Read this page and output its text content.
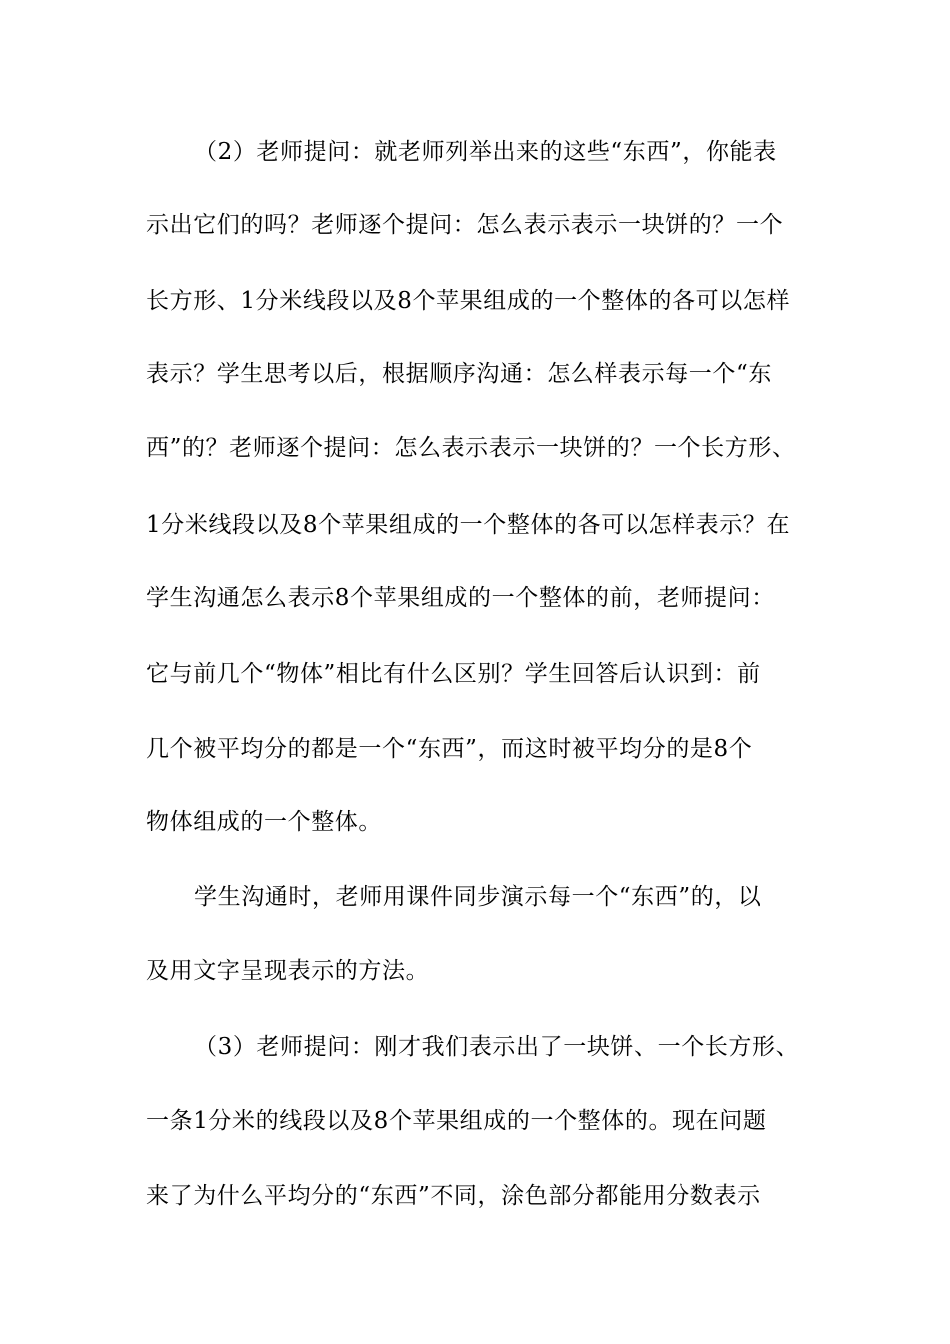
（2）老师提问：就老师列举出来的这些“东西”，你能表
示出它们的吗？老师逐个提问：怎么表示表示一块饼的？一个
长方形、1分米线段以及8个苹果组成的一个整体的各可以怎样
表示？学生思考以后，根据顺序沟通：怎么样表示每一个“东
西”的？老师逐个提问：怎么表示表示一块饼的？一个长方形、
1分米线段以及8个苹果组成的一个整体的各可以怎样表示？在
学生沟通怎么表示8个苹果组成的一个整体的前，老师提问：
它与前几个“物体”相比有什么区别？学生回答后认识到：前
几个被平均分的都是一个“东西”，而这时被平均分的是8个
物体组成的一个整体。
学生沟通时，老师用课件同步演示每一个“东西”的，以
及用文字呈现表示的方法。
（3）老师提问：刚才我们表示出了一块饼、一个长方形、
一条1分米的线段以及8个苹果组成的一个整体的。现在问题
来了为什么平均分的“东西”不同，涂色部分都能用分数表示
